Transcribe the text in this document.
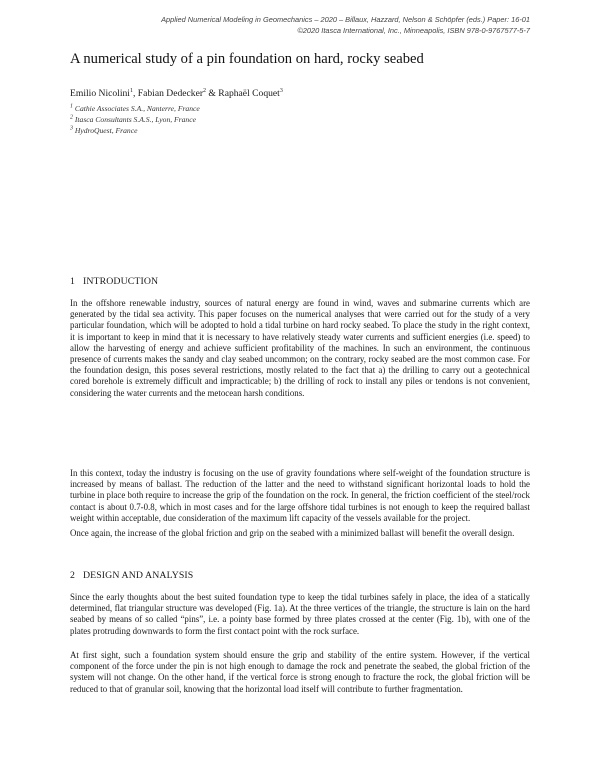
Applied Numerical Modeling in Geomechanics – 2020 – Billaux, Hazzard, Nelson & Schöpfer (eds.) Paper: 16-01
©2020 Itasca International, Inc., Minneapolis, ISBN 978-0-9767577-5-7
A numerical study of a pin foundation on hard, rocky seabed
Emilio Nicolini$^1$, Fabian Dedecker$^2$ & Raphaël Coquet$^3$
$^1$ Cathie Associates S.A., Nanterre, France
$^2$ Itasca Consultants S.A.S., Lyon, France
$^3$ HydroQuest, France
1 INTRODUCTION
In the offshore renewable industry, sources of natural energy are found in wind, waves and submarine currents which are generated by the tidal sea activity. This paper focuses on the numerical analyses that were carried out for the study of a very particular foundation, which will be adopted to hold a tidal turbine on hard rocky seabed. To place the study in the right context, it is important to keep in mind that it is necessary to have relatively steady water currents and sufficient energies (i.e. speed) to allow the harvesting of energy and achieve sufficient profitability of the machines. In such an environment, the continuous presence of currents makes the sandy and clay seabed uncommon; on the contrary, rocky seabed are the most common case. For the foundation design, this poses several restrictions, mostly related to the fact that a) the drilling to carry out a geotechnical cored borehole is extremely difficult and impracticable; b) the drilling of rock to install any piles or tendons is not convenient, considering the water currents and the metocean harsh conditions.
In this context, today the industry is focusing on the use of gravity foundations where self-weight of the foundation structure is increased by means of ballast. The reduction of the latter and the need to withstand significant horizontal loads to hold the turbine in place both require to increase the grip of the foundation on the rock. In general, the friction coefficient of the steel/rock contact is about 0.7-0.8, which in most cases and for the large offshore tidal turbines is not enough to keep the required ballast weight within acceptable, due consideration of the maximum lift capacity of the vessels available for the project.
Once again, the increase of the global friction and grip on the seabed with a minimized ballast will benefit the overall design.
2 DESIGN AND ANALYSIS
Since the early thoughts about the best suited foundation type to keep the tidal turbines safely in place, the idea of a statically determined, flat triangular structure was developed (Fig. 1a). At the three vertices of the triangle, the structure is lain on the hard seabed by means of so called “pins”, i.e. a pointy base formed by three plates crossed at the center (Fig. 1b), with one of the plates protruding downwards to form the first contact point with the rock surface.
At first sight, such a foundation system should ensure the grip and stability of the entire system. However, if the vertical component of the force under the pin is not high enough to damage the rock and penetrate the seabed, the global friction of the system will not change. On the other hand, if the vertical force is strong enough to fracture the rock, the global friction will be reduced to that of granular soil, knowing that the horizontal load itself will contribute to further fragmentation.
